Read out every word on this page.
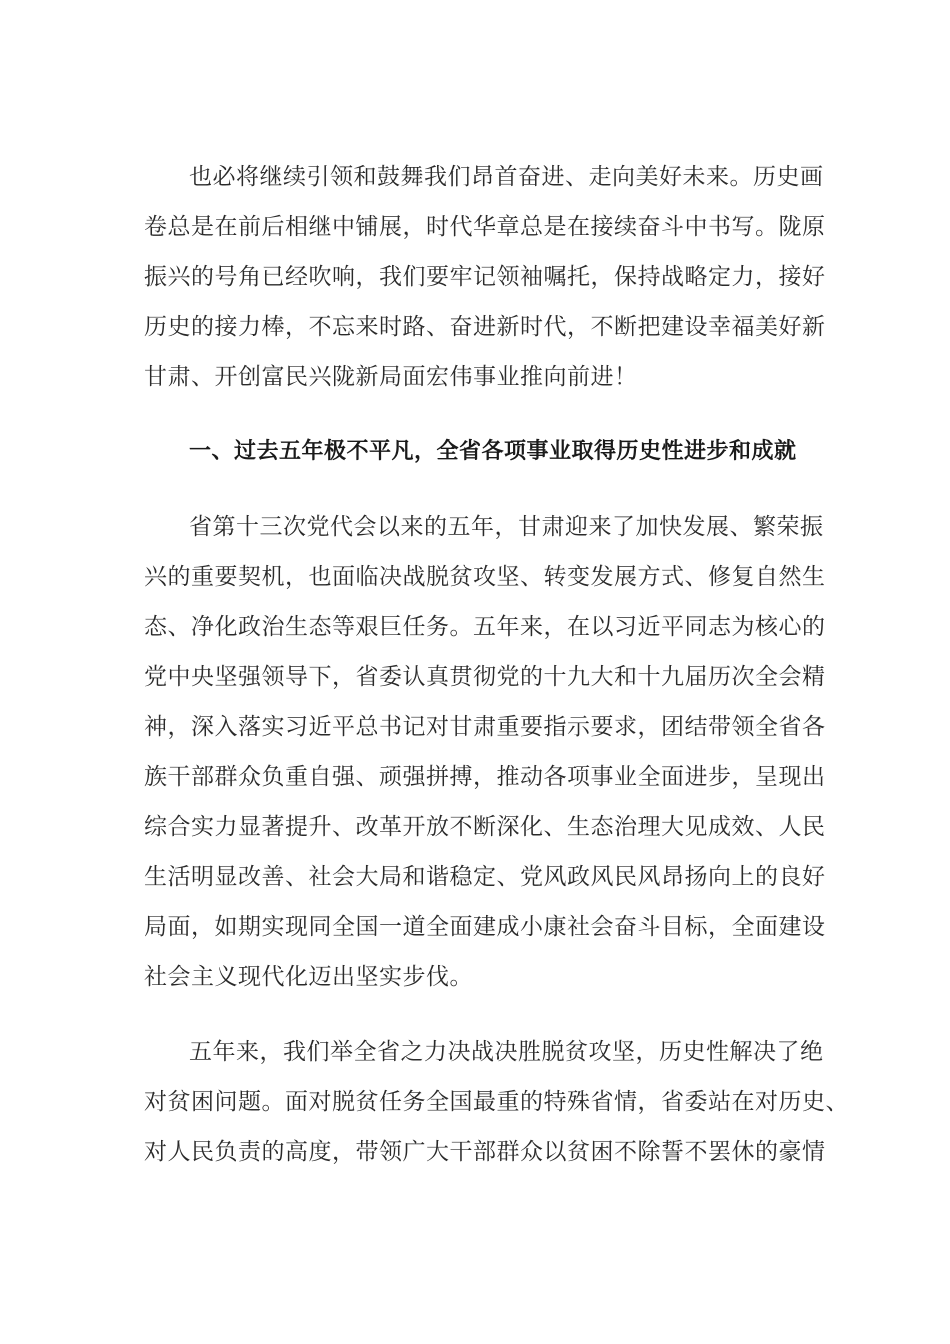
也必将继续引领和鼓舞我们昂首奋进、走向美好未来。历史画

卷总是在前后相继中铺展，时代华章总是在接续奋斗中书写。陇原

振兴的号角已经吹响，我们要牢记领袖嘱托，保持战略定力，接好

历史的接力棒，不忘来时路、奋进新时代，不断把建设幸福美好新

甘肃、开创富民兴陇新局面宏伟事业推向前进！

一、过去五年极不平凡，全省各项事业取得历史性进步和成就

省第十三次党代会以来的五年，甘肃迎来了加快发展、繁荣振

兴的重要契机，也面临决战脱贫攻坚、转变发展方式、修复自然生

态、净化政治生态等艰巨任务。五年来，在以习近平同志为核心的

党中央坚强领导下，省委认真贯彻党的十九大和十九届历次全会精

神，深入落实习近平总书记对甘肃重要指示要求，团结带领全省各

族干部群众负重自强、顽强拼搏，推动各项事业全面进步，呈现出

综合实力显著提升、改革开放不断深化、生态治理大见成效、人民

生活明显改善、社会大局和谐稳定、党风政风民风昂扬向上的良好

局面，如期实现同全国一道全面建成小康社会奋斗目标，全面建设

社会主义现代化迈出坚实步伐。

五年来，我们举全省之力决战决胜脱贫攻坚，历史性解决了绝

对贫困问题。面对脱贫任务全国最重的特殊省情，省委站在对历史、

对人民负责的高度，带领广大干部群众以贫困不除誓不罢休的豪情
